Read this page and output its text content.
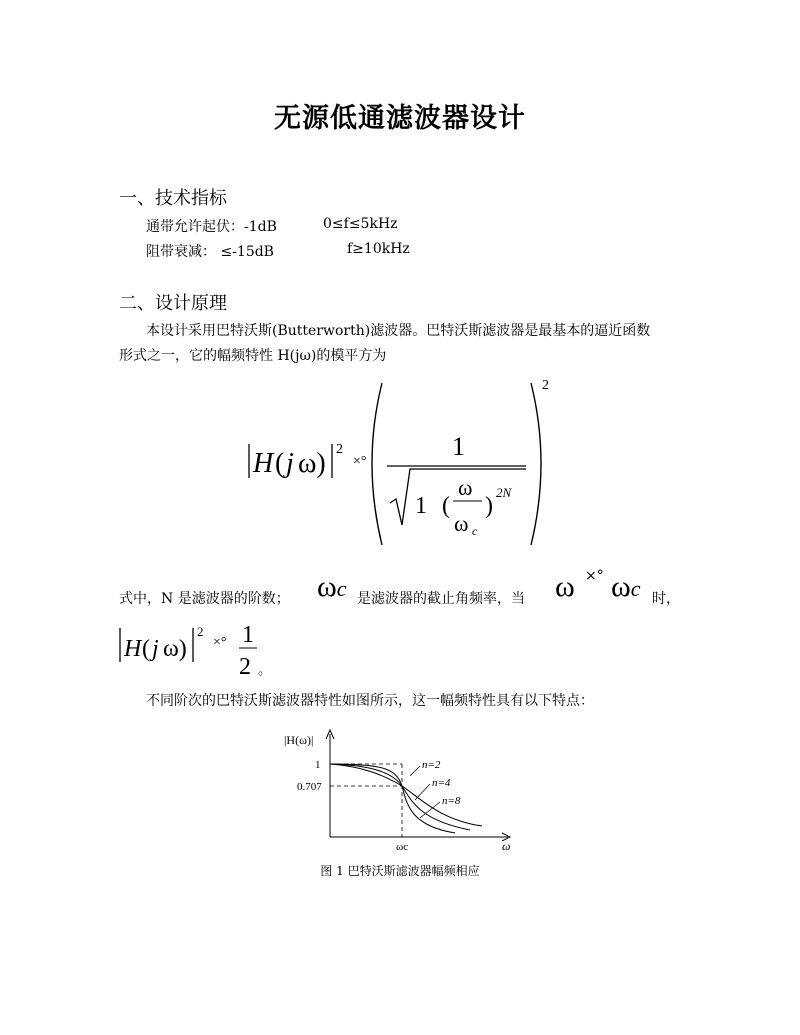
无源低通滤波器设计
一、技术指标
通带允许起伏：-1dB	0≤f≤5kHz
阻带衰减： ≤-15dB	f≥10kHz
二、设计原理
本设计采用巴特沃斯(Butterworth)滤波器。巴特沃斯滤波器是最基本的逼近函数
形式之一，它的幅频特性 H(jω)的模平方为
H ( j ω) 2
×°
1
1 (
ω
ω c
)
2N
2
式中，N 是滤波器的阶数； ωc 是滤波器的截止角频率，当 ω ×° ωc 时，
H ( j ω)
2
×° 1
2 。
不同阶次的巴特沃斯滤波器特性如图所示，这一幅频特性具有以下特点：
|H(ω)|
1
0.707
ω
ωc
n=2
n=4
n=8
图 1 巴特沃斯滤波器幅频相应
